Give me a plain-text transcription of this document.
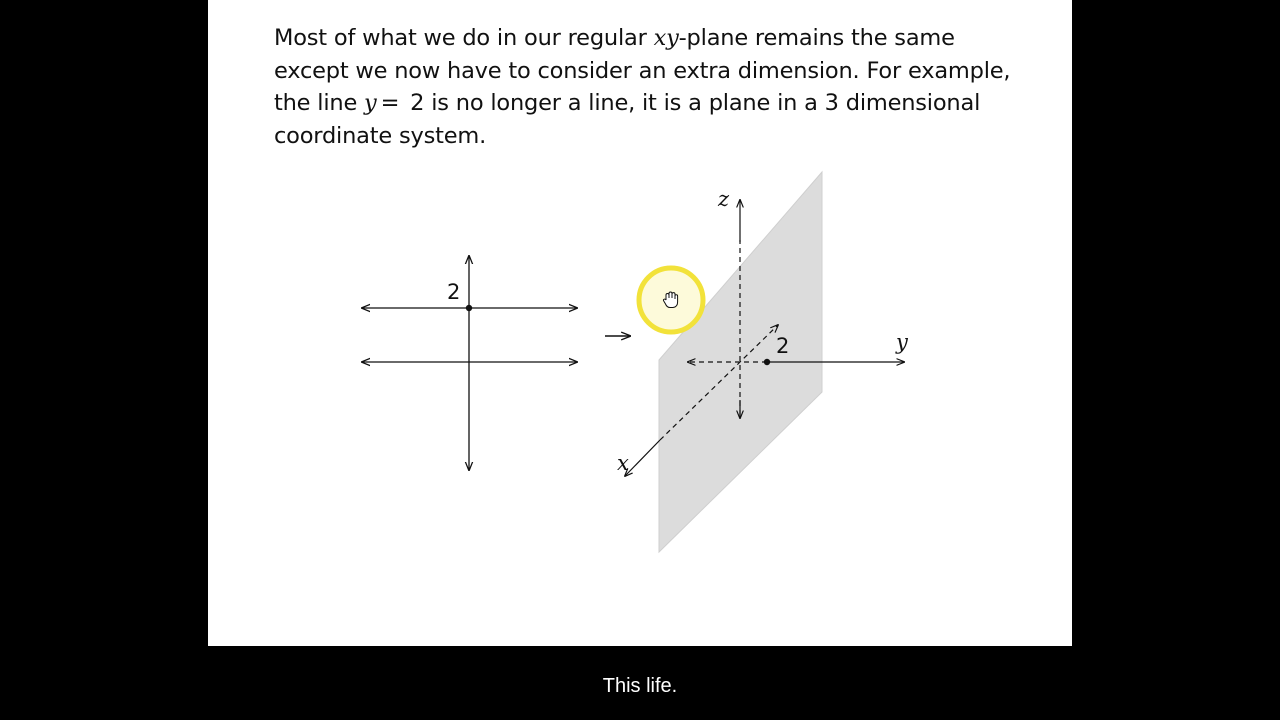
Most of what we do in our regular xy-plane remains the same

except we now have to consider an extra dimension. For example,

the line y = 2 is no longer a line, it is a plane in a 3 dimensional

coordinate system.

2
z
y
x
2
This life.
